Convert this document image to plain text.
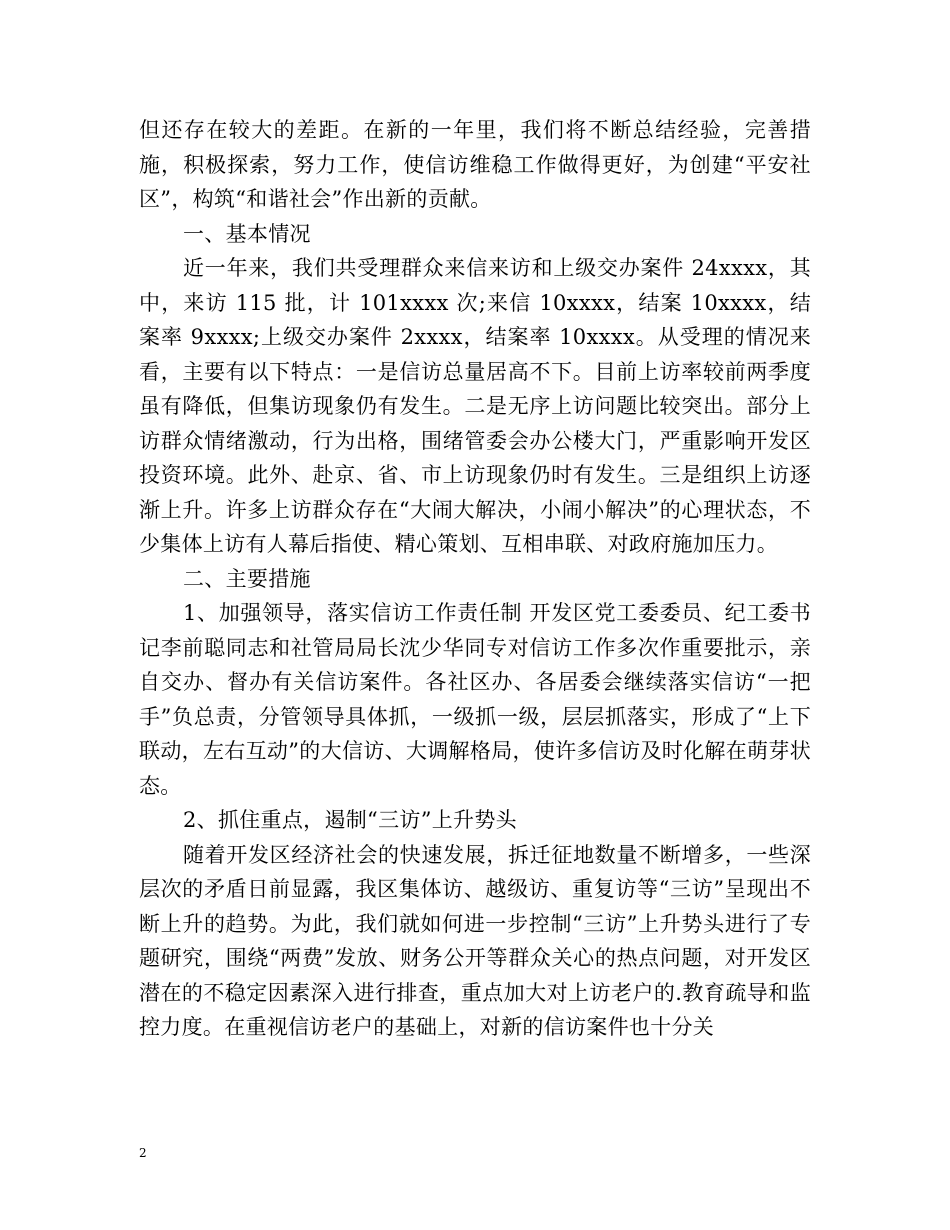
但还存在较大的差距。在新的一年里，我们将不断总结经验，完善措施，积极探索，努力工作，使信访维稳工作做得更好，为创建“平安社区”，构筑“和谐社会”作出新的贡献。

一、基本情况

近一年来，我们共受理群众来信来访和上级交办案件 24xxxx，其中，来访 115 批，计 101xxxx 次;来信 10xxxx，结案 10xxxx，结案率 9xxxx;上级交办案件 2xxxx，结案率 10xxxx。从受理的情况来看，主要有以下特点：一是信访总量居高不下。目前上访率较前两季度虽有降低，但集访现象仍有发生。二是无序上访问题比较突出。部分上访群众情绪激动，行为出格，围绪管委会办公楼大门，严重影响开发区投资环境。此外、赴京、省、市上访现象仍时有发生。三是组织上访逐渐上升。许多上访群众存在“大闹大解决，小闹小解决”的心理状态，不少集体上访有人幕后指使、精心策划、互相串联、对政府施加压力。

二、主要措施

1、加强领导，落实信访工作责任制 开发区党工委委员、纪工委书记李前聪同志和社管局局长沈少华同专对信访工作多次作重要批示，亲自交办、督办有关信访案件。各社区办、各居委会继续落实信访“一把手”负总责，分管领导具体抓，一级抓一级，层层抓落实，形成了“上下联动，左右互动”的大信访、大调解格局，使许多信访及时化解在萌芽状态。

2、抓住重点，遏制“三访”上升势头

随着开发区经济社会的快速发展，拆迁征地数量不断增多，一些深层次的矛盾日前显露，我区集体访、越级访、重复访等“三访”呈现出不断上升的趋势。为此，我们就如何进一步控制“三访”上升势头进行了专题研究，围绕“两费”发放、财务公开等群众关心的热点问题，对开发区潜在的不稳定因素深入进行排查，重点加大对上访老户的.教育疏导和监控力度。在重视信访老户的基础上，对新的信访案件也十分关

2
